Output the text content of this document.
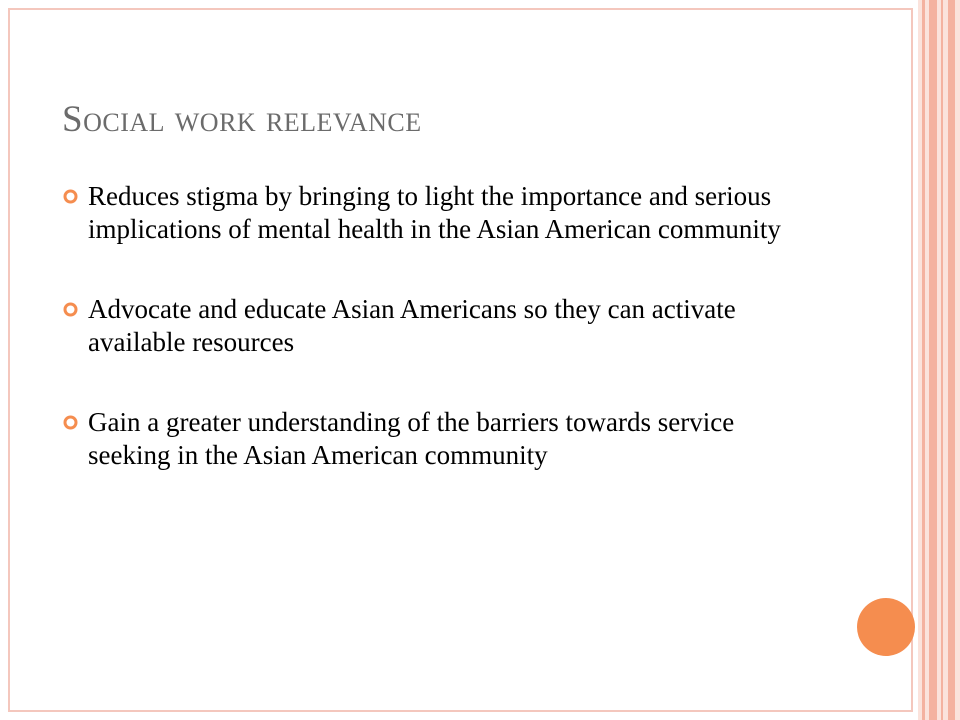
Social work relevance
Reduces stigma by bringing to light the importance and serious implications of mental health in the Asian American community
Advocate and educate Asian Americans so they can activate available resources
Gain a greater understanding of the barriers towards service seeking in the Asian American community
